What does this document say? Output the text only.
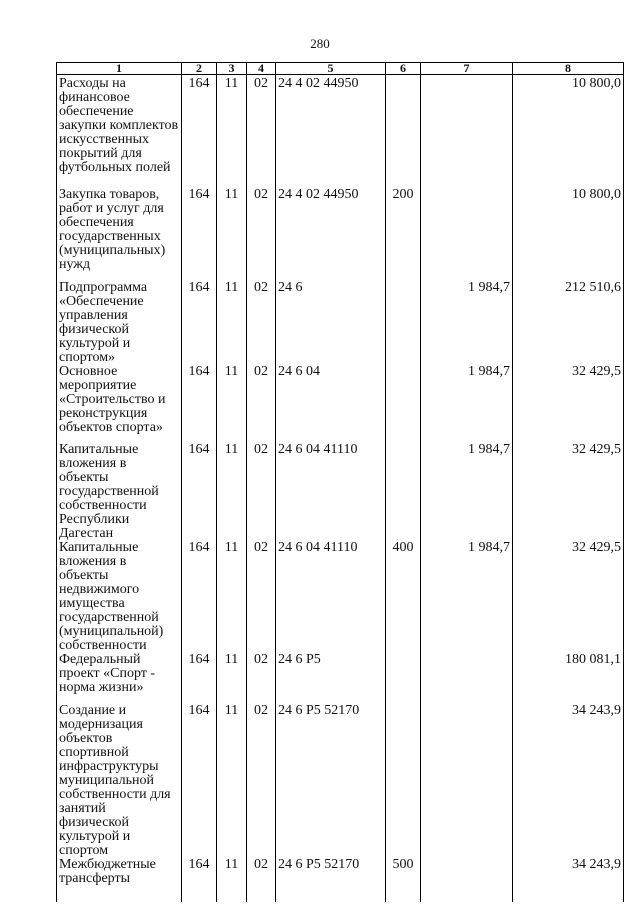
280
1	2	3	4	5	6	7	8
Расходы на финансовое обеспечение закупки комплектов искусственных покрытий для футбольных полей	164	11	02	24 4 02 44950			10 800,0
Закупка товаров, работ и услуг для обеспечения государственных (муниципальных) нужд	164	11	02	24 4 02 44950	200		10 800,0
Подпрограмма «Обеспечение управления физической культурой и спортом»	164	11	02	24 6		1 984,7	212 510,6
Основное мероприятие «Строительство и реконструкция объектов спорта»	164	11	02	24 6 04		1 984,7	32 429,5
Капитальные вложения в объекты государственной собственности Республики Дагестан	164	11	02	24 6 04 41110		1 984,7	32 429,5
Капитальные вложения в объекты недвижимого имущества государственной (муниципальной) собственности	164	11	02	24 6 04 41110	400	1 984,7	32 429,5
Федеральный проект «Спорт - норма жизни»	164	11	02	24 6 P5			180 081,1
Создание и модернизация объектов спортивной инфраструктуры муниципальной собственности для занятий физической культурой и спортом	164	11	02	24 6 P5 52170			34 243,9
Межбюджетные трансферты	164	11	02	24 6 P5 52170	500		34 243,9
